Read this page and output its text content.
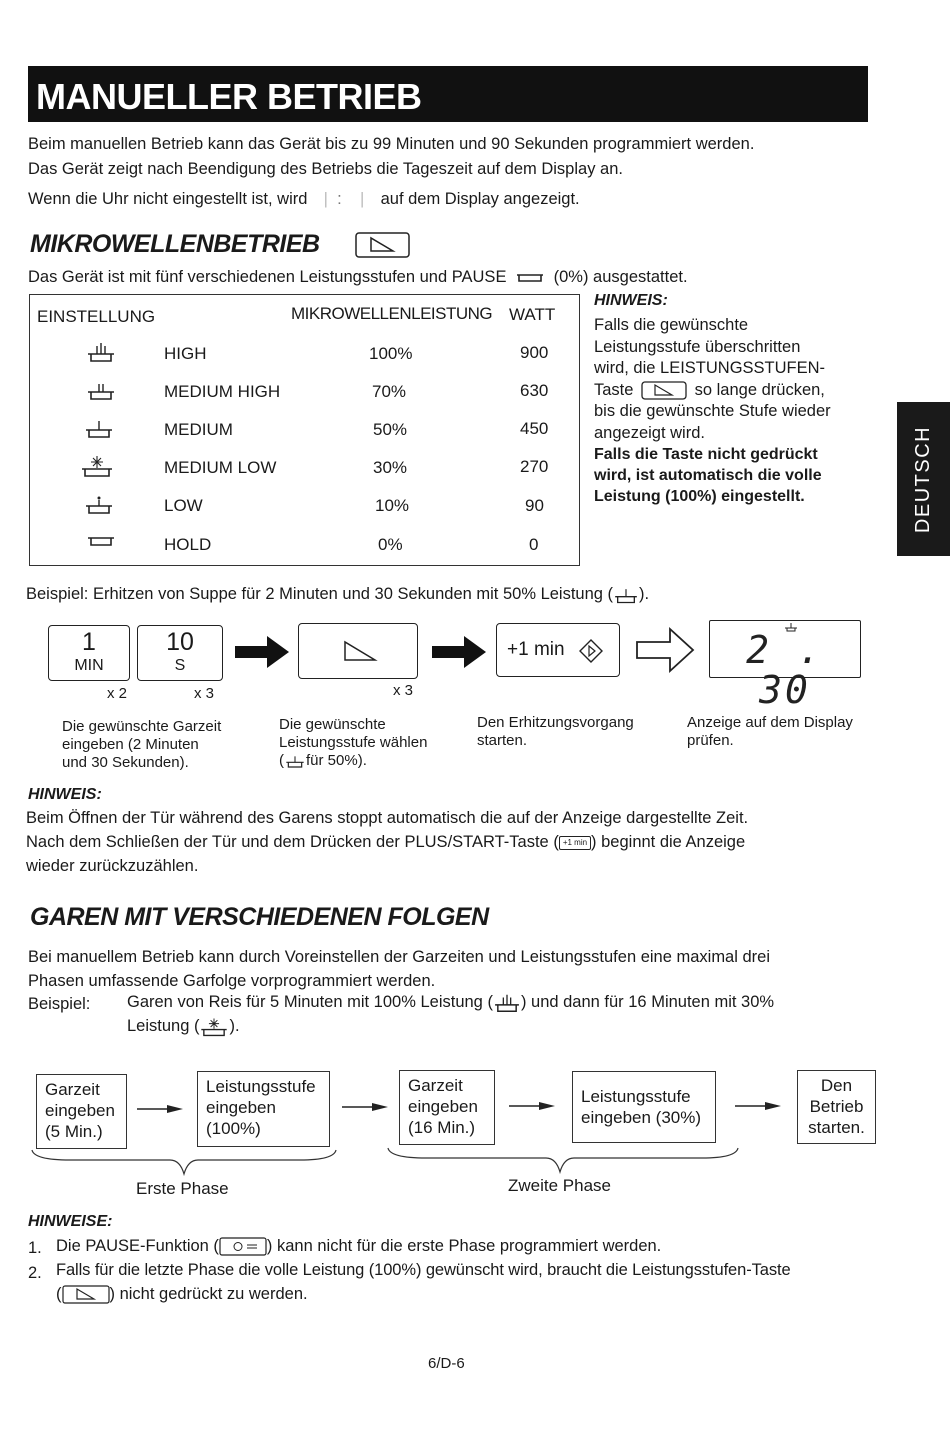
MANUELLER BETRIEB
Beim manuellen Betrieb kann das Gerät bis zu 99 Minuten und 90 Sekunden programmiert werden.
Das Gerät zeigt nach Beendigung des Betriebs die Tageszeit auf dem Display an.
Wenn die Uhr nicht eingestellt ist, wird |  :    | auf dem Display angezeigt.
MIKROWELLENBETRIEB
Das Gerät ist mit fünf verschiedenen Leistungsstufen und PAUSE	(0%) ausgestattet.
EINSTELLUNG	MIKROWELLENLEISTUNG WATT
HIGH	100%	900
MEDIUM HIGH	70%	630
MEDIUM	50%	450
MEDIUM LOW	30%	270
LOW	10%	90
HOLD	0%	0
HINWEIS:
Falls die gewünschte
Leistungsstufe überschritten
wird, die LEISTUNGSSTUFEN-
Taste	so lange drücken,
bis die gewünschte Stufe wieder
angezeigt wird.
Falls die Taste nicht gedrückt
wird, ist automatisch die volle
Leistung (100%) eingestellt.	DEUTSCH
Beispiel: Erhitzen von Suppe für 2 Minuten und 30 Sekunden mit 50% Leistung ( ).
1
MIN
10
S
x 2	x 3	x 3
+1 min	2 . 30
Die gewünschte Garzeit
eingeben (2 Minuten
und 30 Sekunden).
Die gewünschte
Leistungsstufe wählen
( für 50%).
Den Erhitzungsvorgang
starten.
Anzeige auf dem Display
prüfen.
HINWEIS:
Beim Öffnen der Tür während des Garens stoppt automatisch die auf der Anzeige dargestellte Zeit.
Nach dem Schließen der Tür und dem Drücken der PLUS/START-Taste ( +1 min ) beginnt die Anzeige
wieder zurückzuzählen.
GAREN MIT VERSCHIEDENEN FOLGEN
Bei manuellem Betrieb kann durch Voreinstellen der Garzeiten und Leistungsstufen eine maximal drei
Phasen umfassende Garfolge vorprogrammiert werden.
Beispiel: Garen von Reis für 5 Minuten mit 100% Leistung ( ) und dann für 16 Minuten mit 30%
Leistung ( ).
Garzeit
eingeben
(5 Min.)
Leistungsstufe
eingeben
(100%)
Garzeit
eingeben
(16 Min.)
Leistungsstufe
eingeben (30%)
Den
Betrieb
starten.
Erste Phase	Zweite Phase
HINWEISE:
1. Die PAUSE-Funktion (	) kann nicht für die erste Phase programmiert werden.
2. Falls für die letzte Phase die volle Leistung (100%) gewünscht wird, braucht die Leistungsstufen-Taste
(	) nicht gedrückt zu werden.
6/D-6
